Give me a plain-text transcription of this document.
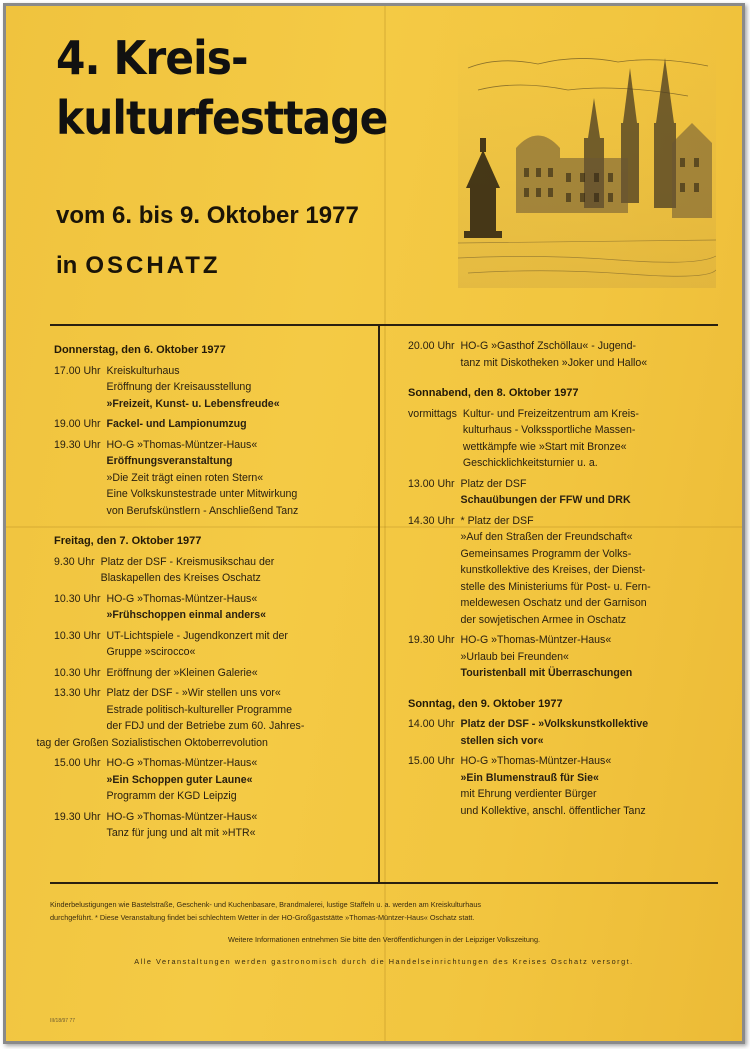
4. Kreis-
kulturfesttage
vom 6. bis 9. Oktober 1977
in OSCHATZ
Donnerstag, den 6. Oktober 1977
17.00 Uhr Kreiskulturhaus
Eröffnung der Kreisausstellung
»Freizeit, Kunst- u. Lebensfreude«
19.00 Uhr Fackel- und Lampionumzug
19.30 Uhr HO-G »Thomas-Müntzer-Haus«
Eröffnungsveranstaltung
»Die Zeit trägt einen roten Stern«
Eine Volkskunstestrade unter Mitwirkung
von Berufskünstlern - Anschließend Tanz
Freitag, den 7. Oktober 1977
9.30 Uhr Platz der DSF - Kreismusikschau der
Blaskapellen des Kreises Oschatz
10.30 Uhr HO-G »Thomas-Müntzer-Haus«
»Frühschoppen einmal anders«
10.30 Uhr UT-Lichtspiele - Jugendkonzert mit der
Gruppe »scirocco«
10.30 Uhr Eröffnung der »Kleinen Galerie«
13.30 Uhr Platz der DSF - »Wir stellen uns vor«
Estrade politisch-kultureller Programme
der FDJ und der Betriebe zum 60. Jahres-
tag der Großen Sozialistischen Oktoberrevolution
15.00 Uhr HO-G »Thomas-Müntzer-Haus«
»Ein Schoppen guter Laune«
Programm der KGD Leipzig
19.30 Uhr HO-G »Thomas-Müntzer-Haus«
Tanz für jung und alt mit »HTR«
20.00 Uhr HO-G »Gasthof Zschöllau« - Jugend-
tanz mit Diskotheken »Joker und Hallo«
Sonnabend, den 8. Oktober 1977
vormittags Kultur- und Freizeitzentrum am Kreis-
kulturhaus - Volkssportliche Massen-
wettkämpfe wie »Start mit Bronze«
Geschicklichkeitsturnier u. a.
13.00 Uhr Platz der DSF
Schauübungen der FFW und DRK
14.30 Uhr * Platz der DSF
»Auf den Straßen der Freundschaft«
Gemeinsames Programm der Volks-
kunstkollektive des Kreises, der Dienst-
stelle des Ministeriums für Post- u. Fern-
meldewesen Oschatz und der Garnison
der sowjetischen Armee in Oschatz
19.30 Uhr HO-G »Thomas-Müntzer-Haus«
»Urlaub bei Freunden«
Touristenball mit Überraschungen
Sonntag, den 9. Oktober 1977
14.00 Uhr Platz der DSF - »Volkskunstkollektive
stellen sich vor«
15.00 Uhr HO-G »Thomas-Müntzer-Haus«
»Ein Blumenstrauß für Sie«
mit Ehrung verdienter Bürger
und Kollektive, anschl. öffentlicher Tanz

Kinderbelustigungen wie Bastelstraße, Geschenk- und Kuchenbasare, Brandmalerei, lustige Staffeln u. a. werden am Kreiskulturhaus
durchgeführt. * Diese Veranstaltung findet bei schlechtem Wetter in der HO-Großgaststätte »Thomas-Müntzer-Haus« Oschatz statt.

Weitere Informationen entnehmen Sie bitte den Veröffentlichungen in der Leipziger Volkszeitung.

Alle Veranstaltungen werden gastronomisch durch die Handelseinrichtungen des Kreises Oschatz versorgt.

III/18/97 77
